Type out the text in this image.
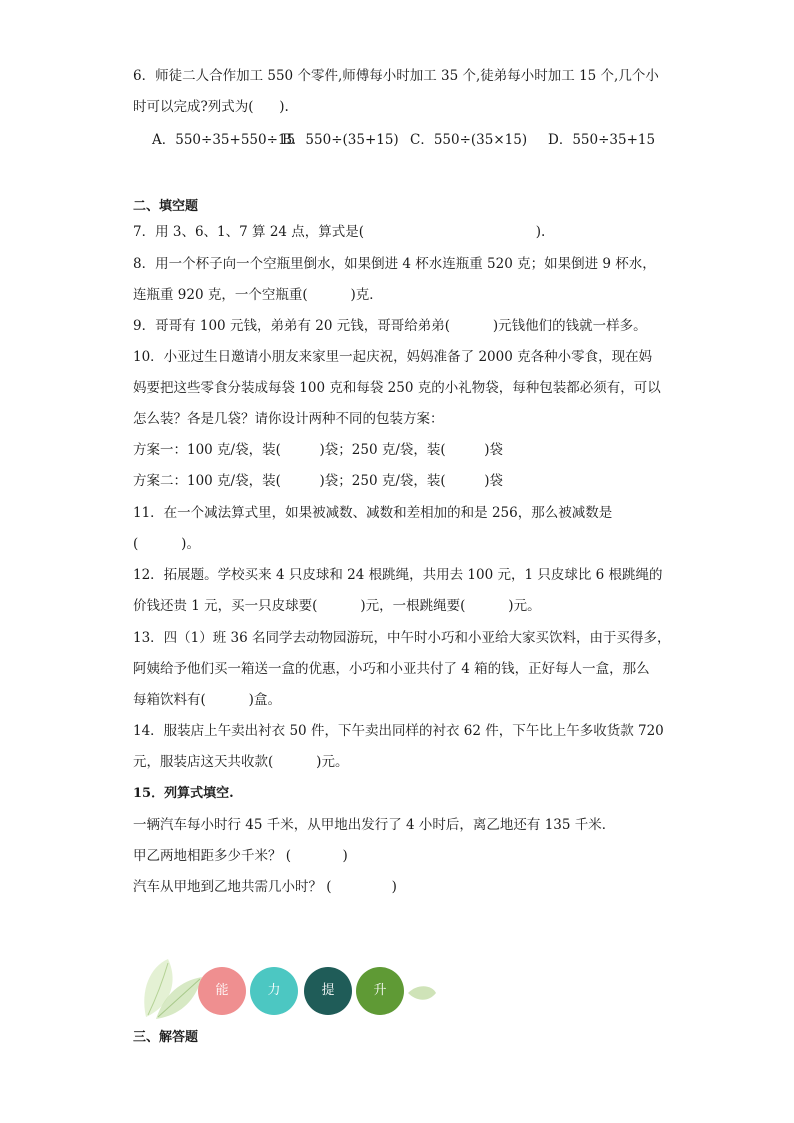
6．师徒二人合作加工 550 个零件,师傅每小时加工 35 个,徒弟每小时加工 15 个,几个小
时可以完成?列式为(      ).
A．550÷35+550÷15
B．550÷(35+15) C．550÷(35×15) D．550÷35+15
二、填空题
7．用 3、6、1、7 算 24 点，算式是(                                        ).
8．用一个杯子向一个空瓶里倒水，如果倒进 4 杯水连瓶重 520 克；如果倒进 9 杯水，
连瓶重 920 克，一个空瓶重(          )克．
9．哥哥有 100 元钱，弟弟有 20 元钱，哥哥给弟弟(          )元钱他们的钱就一样多。
10．小亚过生日邀请小朋友来家里一起庆祝，妈妈准备了 2000 克各种小零食，现在妈
妈要把这些零食分装成每袋 100 克和每袋 250 克的小礼物袋，每种包装都必须有，可以
怎么装？各是几袋？请你设计两种不同的包装方案：
方案一：100 克/袋，装(         )袋；250 克/袋，装(         )袋
方案二：100 克/袋，装(         )袋；250 克/袋，装(         )袋
11．在一个减法算式里，如果被减数、减数和差相加的和是 256，那么被减数是
(          )。
12．拓展题。学校买来 4 只皮球和 24 根跳绳，共用去 100 元，1 只皮球比 6 根跳绳的
价钱还贵 1 元，买一只皮球要(          )元，一根跳绳要(          )元。
13．四（1）班 36 名同学去动物园游玩，中午时小巧和小亚给大家买饮料，由于买得多，
阿姨给予他们买一箱送一盒的优惠，小巧和小亚共付了 4 箱的钱，正好每人一盒，那么
每箱饮料有(          )盒。
14．服装店上午卖出衬衣 50 件，下午卖出同样的衬衣 62 件，下午比上午多收货款 720
元，服装店这天共收款(          )元。
15．列算式填空.
一辆汽车每小时行 45 千米，从甲地出发行了 4 小时后，离乙地还有 135 千米．
甲乙两地相距多少千米？ (            )
汽车从甲地到乙地共需几小时？ (              )
能	力	提	升
三、解答题
